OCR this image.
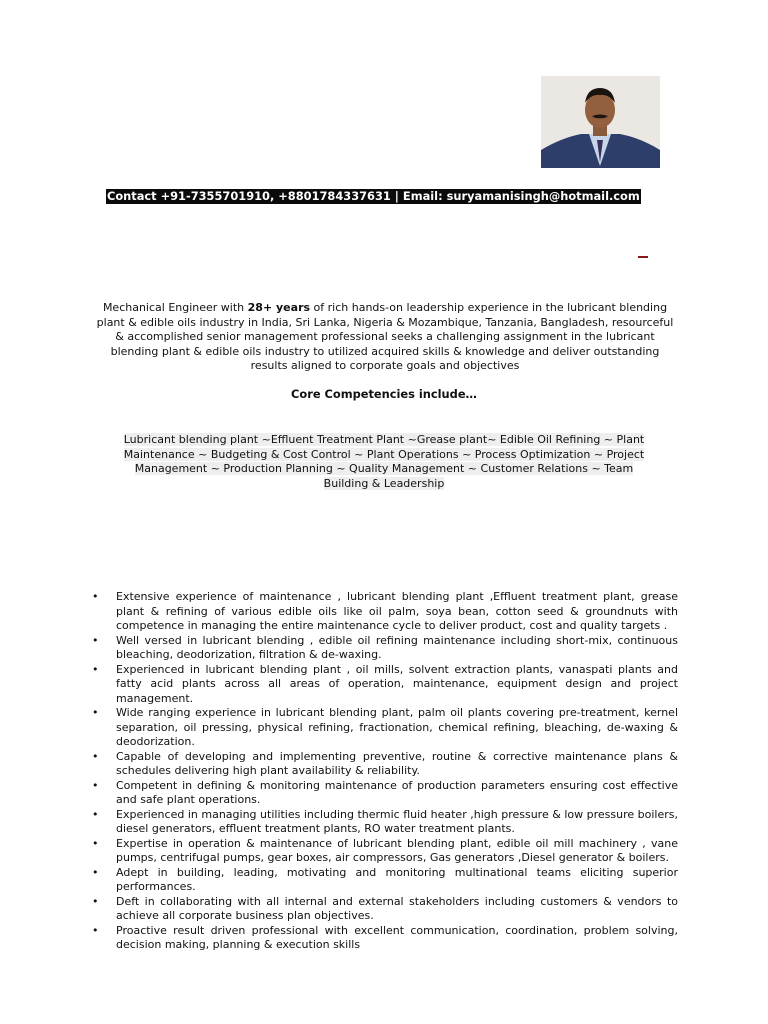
Contact +91-7355701910, +8801784337631 | Email: suryamanisingh@hotmail.com
Mechanical Engineer with 28+ years of rich hands-on leadership experience in the lubricant blending plant & edible oils industry in India, Sri Lanka, Nigeria & Mozambique, Tanzania, Bangladesh, resourceful & accomplished senior management professional seeks a challenging assignment in the lubricant blending plant & edible oils industry to utilized acquired skills & knowledge and deliver outstanding results aligned to corporate goals and objectives
Core Competencies include…
Lubricant blending plant ~Effluent Treatment Plant ~Grease plant~ Edible Oil Refining ~ Plant Maintenance ~ Budgeting & Cost Control ~ Plant Operations ~ Process Optimization ~ Project Management ~ Production Planning ~ Quality Management ~ Customer Relations ~ Team Building & Leadership
• Extensive experience of maintenance , lubricant blending plant ,Effluent treatment plant, grease plant & refining of various edible oils like oil palm, soya bean, cotton seed & groundnuts with competence in managing the entire maintenance cycle to deliver product, cost and quality targets .
• Well versed in lubricant blending , edible oil refining maintenance including short-mix, continuous bleaching, deodorization, filtration & de-waxing.
• Experienced in lubricant blending plant , oil mills, solvent extraction plants, vanaspati plants and fatty acid plants across all areas of operation, maintenance, equipment design and project management.
• Wide ranging experience in lubricant blending plant, palm oil plants covering pre-treatment, kernel separation, oil pressing, physical refining, fractionation, chemical refining, bleaching, de-waxing & deodorization.
• Capable of developing and implementing preventive, routine & corrective maintenance plans & schedules delivering high plant availability & reliability.
• Competent in defining & monitoring maintenance of production parameters ensuring cost effective and safe plant operations.
• Experienced in managing utilities including thermic fluid heater ,high pressure & low pressure boilers, diesel generators, effluent treatment plants, RO water treatment plants.
• Expertise in operation & maintenance of lubricant blending plant, edible oil mill machinery , vane pumps, centrifugal pumps, gear boxes, air compressors, Gas generators ,Diesel generator & boilers.
• Adept in building, leading, motivating and monitoring multinational teams eliciting superior performances.
• Deft in collaborating with all internal and external stakeholders including customers & vendors to achieve all corporate business plan objectives.
• Proactive result driven professional with excellent communication, coordination, problem solving, decision making, planning & execution skills
